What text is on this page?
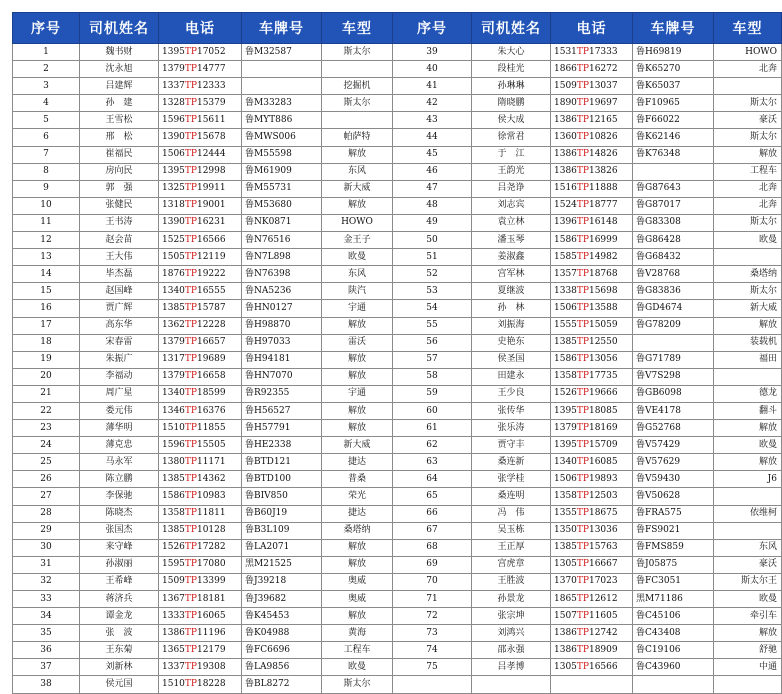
序号	司机姓名	电话	车牌号	车型	序号	司机姓名	电话	车牌号	车型
1	魏书财	1395TP17052	鲁M32587	斯太尔	39	朱大心	1531TP17333	鲁H69819	HOWO
2	沈永旭	1379TP14777			40	段桂光	1866TP16272	鲁K65270	北奔
3	吕建辉	1337TP12333		挖掘机	41	孙琳琳	1509TP13037	鲁K65037	
4	孙　建	1328TP15379	鲁M33283	斯太尔	42	隋晓鹏	1890TP19697	鲁F10965	斯太尔
5	王雪松	1596TP15611	鲁MYT886		43	侯大成	1386TP12165	鲁F66022	豪沃
6	邢　松	1390TP15678	鲁MWS006	帕萨特	44	徐常君	1360TP10826	鲁K62146	斯太尔
7	崔福民	1506TP12444	鲁M55598	解放	45	于　江	1386TP14826	鲁K76348	解放
8	房向民	1395TP12998	鲁M61909	东风	46	王韵光	1386TP13826		工程车
9	郭　强	1325TP19911	鲁M55731	新大威	47	吕尧诤	1516TP11888	鲁G87643	北奔
10	张健民	1318TP19001	鲁M53680	解放	48	刘志宾	1524TP18777	鲁G87017	北奔
11	王书涛	1390TP16231	鲁NK0871	HOWO	49	袁立林	1396TP16148	鲁G83308	斯太尔
12	赵会苗	1525TP16566	鲁N76516	金王子	50	潘玉琴	1586TP16999	鲁G86428	欧曼
13	王大伟	1505TP12119	鲁N7L898	欧曼	51	姜淑鑫	1585TP14982	鲁G68432	
14	毕杰磊	1876TP19222	鲁N76398	东风	52	宫军林	1357TP18768	鲁V28768	桑塔纳
15	赵国峰	1340TP16555	鲁NA5236	陕汽	53	夏继波	1338TP15698	鲁G83836	斯太尔
16	贾广辉	1385TP15787	鲁HN0127	宇通	54	孙　林	1506TP13588	鲁GD4674	新大威
17	高东华	1362TP12228	鲁H98870	解放	55	刘振海	1555TP15059	鲁G78209	解放
18	宋春雷	1379TP16657	鲁H97033	雷沃	56	史艳东	1385TP12550		装载机
19	朱振广	1317TP19689	鲁H94181	解放	57	侯圣国	1586TP13056	鲁G71789	福田
20	李福动	1379TP16658	鲁HN7070	解放	58	田建永	1358TP17735	鲁V7S298	
21	周广星	1340TP18599	鲁R92355	宇通	59	王少良	1526TP19666	鲁GB6098	德龙
22	娄元伟	1346TP16376	鲁H56527	解放	60	张传华	1395TP18085	鲁VE4178	翻斗
23	薄华明	1510TP11855	鲁H57791	解放	61	张乐涛	1379TP18169	鲁G52768	解放
24	薄克忠	1596TP15505	鲁HE2338	新大威	62	贾守丰	1395TP15709	鲁V57429	欧曼
25	马永军	1380TP11171	鲁BTD121	捷达	63	桑连新	1340TP16085	鲁V57629	解放
26	陈立鹏	1385TP14362	鲁BTD100	普桑	64	张学桂	1506TP19893	鲁V59430	J6
27	李保驰	1586TP10983	鲁BIV850	荣光	65	桑连明	1358TP12503	鲁V50628	
28	陈晓杰	1358TP11811	鲁B60J19	捷达	66	冯　伟	1355TP18675	鲁FRA575	依维柯
29	张国杰	1385TP10128	鲁B3L109	桑塔纳	67	吴玉栋	1350TP13036	鲁FS9021	
30	来守峰	1526TP17282	鲁LA2071	解放	68	王正厚	1385TP15763	鲁FMS859	东风
31	孙淑丽	1595TP17080	黑M21525	解放	69	宫虎章	1305TP16667	鲁J05875	豪沃
32	王希峰	1509TP13399	鲁J39218	奥威	70	王胜波	1370TP17023	鲁FC3051	斯太尔王
33	蒋济兵	1367TP18181	鲁J39682	奥威	71	孙景龙	1865TP12612	黑M71186	欧曼
34	谭金龙	1333TP16065	鲁K45453	解放	72	张宗坤	1507TP11605	鲁C45106	牵引车
35	张　波	1386TP11196	鲁K04988	黄海	73	刘鸿兴	1386TP12742	鲁C43408	解放
36	王东菊	1365TP12179	鲁FC6696	工程车	74	邵永强	1386TP18909	鲁C19106	舒驰
37	刘新林	1337TP19308	鲁LA9856	欧曼	75	吕孝博	1305TP16566	鲁C43960	中通
38	侯元国	1510TP18228	鲁BL8272	斯太尔					
